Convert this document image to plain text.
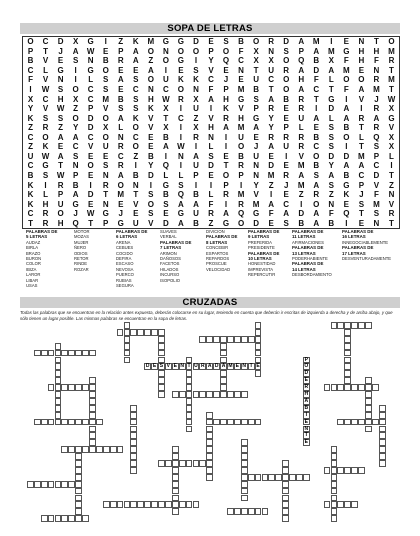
SOPA DE LETRAS
O	C	D	X	G	I	Z	K	M	G	G	D	E	S	B	O	R	D	A	M	I	E	N	T	O
P	T	J	A	W	E	P	A	O	N	O	O	P	O	F	X	N	S	P	A	M	G	H	H	M
B	V	E	S	N	B	R	A	Z	O	G	I	Y	Q	C	X	X	O	Q	B	X	F	H	F	R
C	L	G	I	G	O	E	E	A	I	E	S	V	E	N	T	U	R	A	D	A	M	E	N	T
F	V	N	I	L	S	A	S	O	U	K	K	C	J	E	U	C	O	H	F	L	O	O	R	M
I	W	S	O	C	S	E	C	N	C	O	N	F	P	M	B	T	O	A	C	T	F	A	M	T
X	C	H	X	C	M	B	S	H	W	R	X	A	H	G	S	A	B	R	T	G	I	V	J	W
Y	V	W	Z	P	V	S	S	K	X	I	U	I	K	V	P	R	E	R	I	D	A	I	R	X
K	S	S	O	D	O	A	K	V	T	C	Z	V	R	H	G	Y	E	U	A	L	A	R	A	G
Z	R	Z	Y	D	X	L	O	V	X	I	X	H	A	M	A	Y	P	L	E	S	B	T	R	V
C	O	A	A	C	O	N	C	E	B	I	R	N	I	U	E	R	R	R	B	S	O	L	Q	X
Z	K	E	C	V	U	R	O	E	A	W	I	L	I	O	J	A	U	R	C	S	I	T	S	X
U	W	A	S	E	E	C	Z	B	I	N	A	S	E	B	U	E	I	V	O	D	D	M	P	L
C	G	T	N	O	S	R	I	Y	Q	I	U	D	T	R	N	D	E	M	B	Y	A	A	C	I
B	S	W	P	E	N	A	B	D	L	L	P	E	O	P	N	M	R	A	S	A	B	C	D	T
K	I	R	B	I	R	O	N	I	G	S	I	I	P	I	Y	Z	J	M	A	S	G	P	V	Z
K	L	P	A	D	T	M	T	S	B	Q	B	L	R	M	V	I	E	Z	R	Z	K	J	F	N
K	H	U	G	E	N	E	V	O	S	A	A	F	I	R	M	A	C	I	O	N	E	S	M	V
C	R	O	J	W	G	J	E	S	E	G	U	R	A	Q	G	F	A	D	A	F	Q	T	S	R
T	R	H	Q	T	P	G	U	V	D	A	B	Z	G	O	D	E	S	B	A	B	I	E	N	T
PALABRAS DE
5 LETRAS
AUDAZ
BIRLA
BRAZO
BURON
COLOR
IBIZA
LAROR
LIBAR
USAS
MOTOR
MOZAS
MUJER
ÑERO
ODIOS
RETOR
RINDE
ROZAR
PALABRAS DE
6 LETRAS
ARENA
CEBUES
COCIDO
DEFIRA
ESCASO
NEVOSA
PUERCO
RUBIAS
SEGURA
SUAVES
VERBAL
PALABRAS DE
7 LETRAS
ARIMON
DAÑOSOS
FACETOS
HILADOS
INCURSO
ISOPOLIO
DIVICION
PALABRAS DE
8 LETRAS
CONCEBIR
ESPARTOS
REPARDOS
PROSCUE
VELOCIDAD
PALABRAS DE
9 LETRAS
PREFERIDA
PRESIDENTE
PALABRAS DE
10 LETRAS
HONESTIDAD
IMPREVISTA
REPERCUTIR
PALABRAS DE
11 LETRAS
AFIRMACIONES
PALABRAS DE
13 LETRAS
PODERHABIENTE
PALABRAS DE
14 LETRAS
DESBORDAMIENTO
PALABRAS DE
16 LETRAS
INNEGOCIABLEMENTE
PALABRAS DE
17 LETRAS
DESVENTURADAMENTE
CRUZADAS
Todas las palabras que se encuentran en la relación antes expuesta, deberán colocarse en su lugar, teniendo en cuenta que deberán ir escritas de izquierda a derecha y de arriba abajo, y que sólo tienen un lugar posible. Las mismas palabras se encuentran en la sopa de letras.
D E S V E N T U R A D A M E N T E
P
O
D
E
R
H
A
B
I
E
N
T
E
